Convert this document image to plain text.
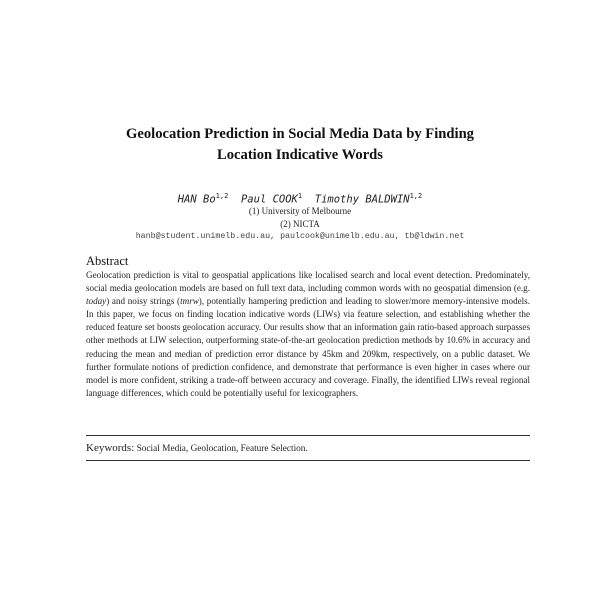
Geolocation Prediction in Social Media Data by Finding
Location Indicative Words
HAN Bo$^{1,2}$ Paul COOK$^1$ Timothy BALDWIN$^{1,2}$
(1) University of Melbourne
(2) NICTA
hanb@student.unimelb.edu.au, paulcook@unimelb.edu.au, tb@ldwin.net
Abstract
Geolocation prediction is vital to geospatial applications like localised search and local event detection. Predominately, social media geolocation models are based on full text data, including common words with no geospatial dimension (e.g. today) and noisy strings (tmrw), potentially hampering prediction and leading to slower/more memory-intensive models. In this paper, we focus on finding location indicative words (LIWs) via feature selection, and establishing whether the reduced feature set boosts geolocation accuracy. Our results show that an information gain ratio-based approach surpasses other methods at LIW selection, outperforming state-of-the-art geolocation prediction methods by 10.6% in accuracy and reducing the mean and median of prediction error distance by 45km and 209km, respectively, on a public dataset. We further formulate notions of prediction confidence, and demonstrate that performance is even higher in cases where our model is more confident, striking a trade-off between accuracy and coverage. Finally, the identified LIWs reveal regional language differences, which could be potentially useful for lexicographers.
Keywords: Social Media, Geolocation, Feature Selection.
